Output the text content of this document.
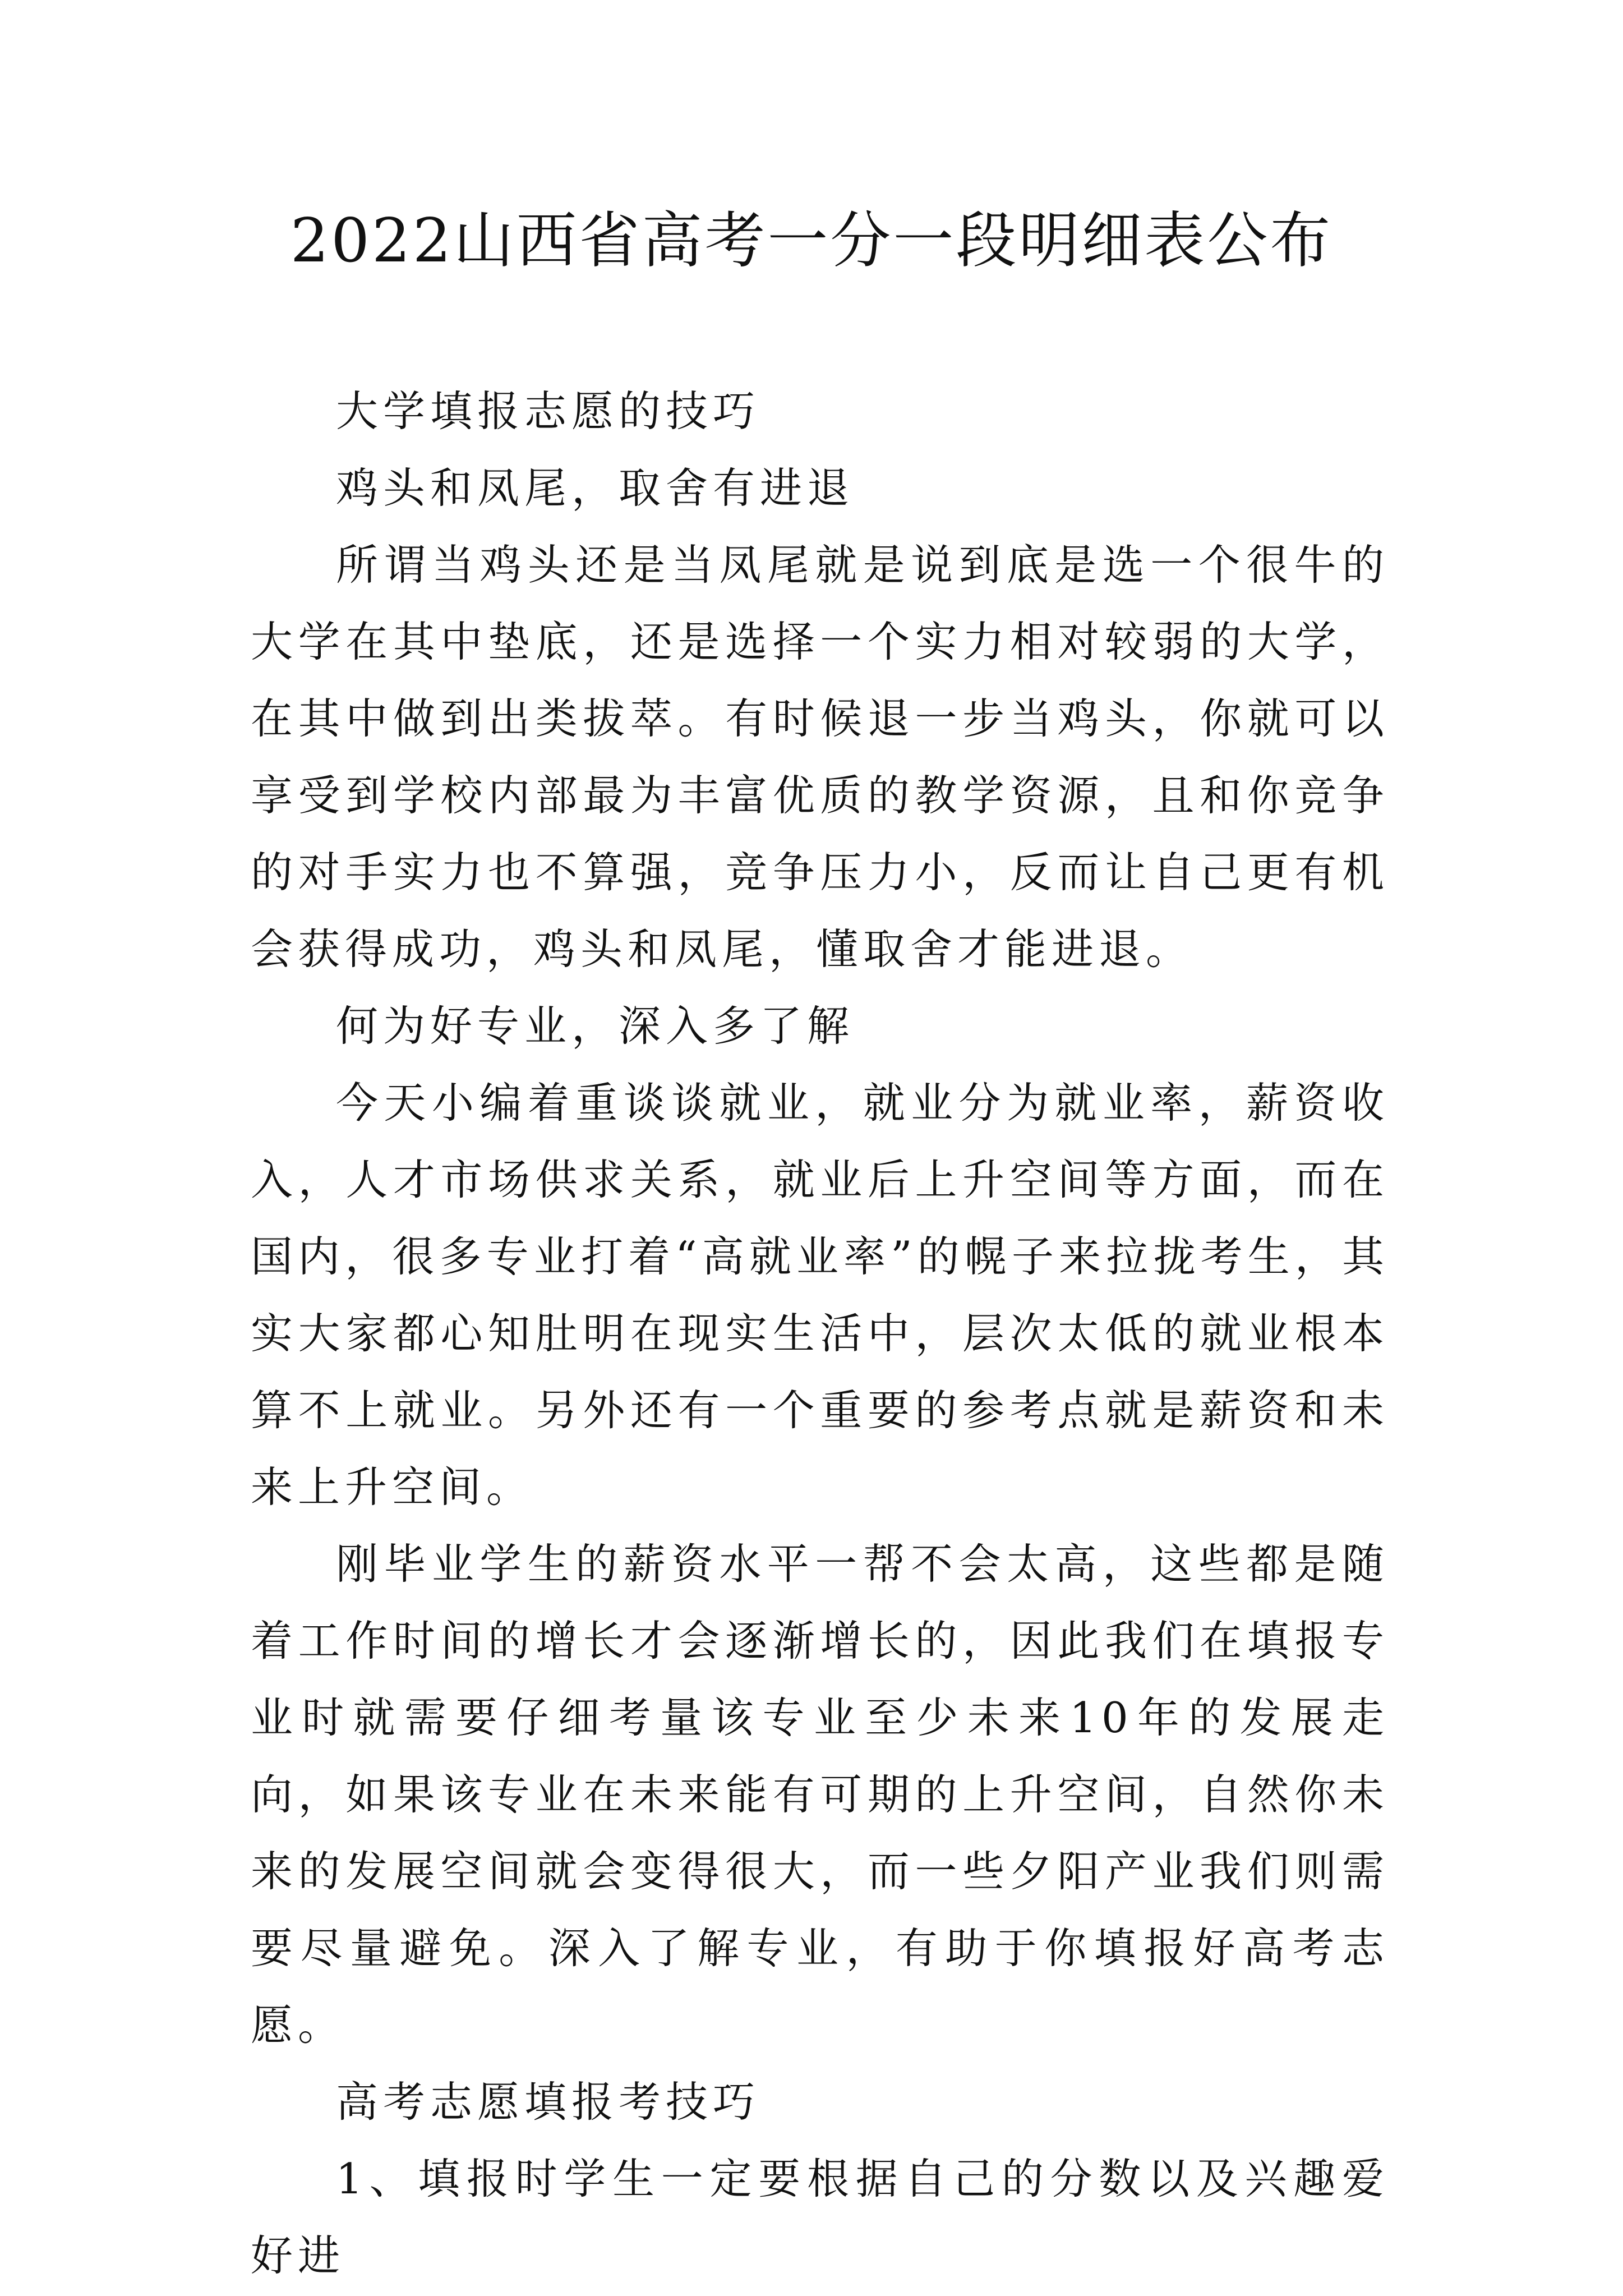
2022山西省高考一分一段明细表公布

大学填报志愿的技巧

鸡头和凤尾，取舍有进退

所谓当鸡头还是当凤尾就是说到底是选一个很牛的大学在其中垫底，还是选择一个实力相对较弱的大学，在其中做到出类拔萃。有时候退一步当鸡头，你就可以享受到学校内部最为丰富优质的教学资源，且和你竞争的对手实力也不算强，竞争压力小，反而让自己更有机会获得成功，鸡头和凤尾，懂取舍才能进退。

何为好专业，深入多了解

今天小编着重谈谈就业，就业分为就业率，薪资收入，人才市场供求关系，就业后上升空间等方面，而在国内，很多专业打着“高就业率”的幌子来拉拢考生，其实大家都心知肚明在现实生活中，层次太低的就业根本算不上就业。另外还有一个重要的参考点就是薪资和未来上升空间。

刚毕业学生的薪资水平一帮不会太高，这些都是随着工作时间的增长才会逐渐增长的，因此我们在填报专业时就需要仔细考量该专业至少未来10年的发展走向，如果该专业在未来能有可期的上升空间，自然你未来的发展空间就会变得很大，而一些夕阳产业我们则需要尽量避免。深入了解专业，有助于你填报好高考志愿。

高考志愿填报考技巧

1、填报时学生一定要根据自己的分数以及兴趣爱好进
